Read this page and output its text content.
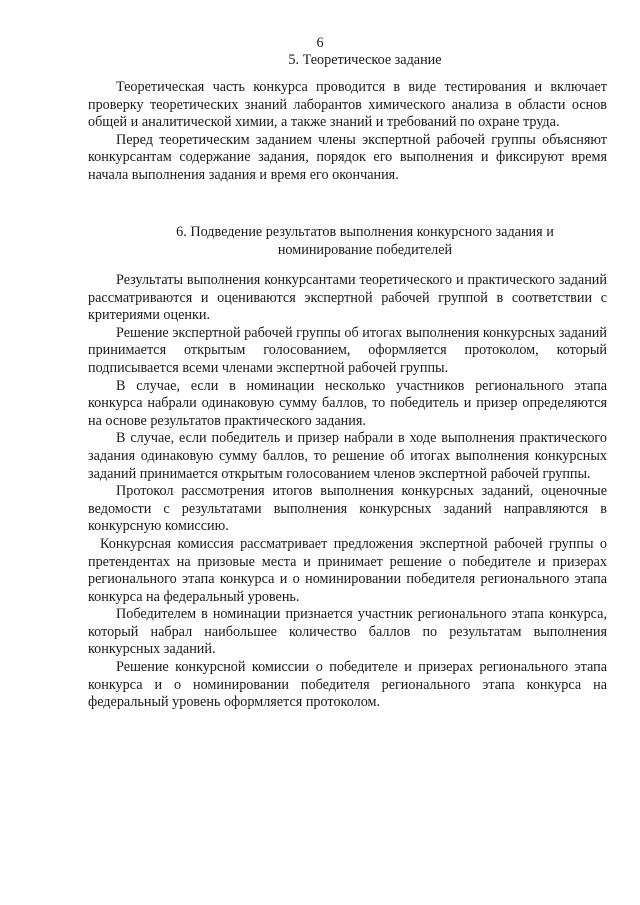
6
5. Теоретическое задание

Теоретическая часть конкурса проводится в виде тестирования и включает проверку теоретических знаний лаборантов химического анализа в области основ общей и аналитической химии, а также знаний и требований по охране труда.

Перед теоретическим заданием члены экспертной рабочей группы объясняют конкурсантам содержание задания, порядок его выполнения и фиксируют время начала выполнения задания и время его окончания.

6. Подведение результатов выполнения конкурсного задания и
номинирование победителей

Результаты выполнения конкурсантами теоретического и практического заданий рассматриваются и оцениваются экспертной рабочей группой в соответствии с критериями оценки.

Решение экспертной рабочей группы об итогах выполнения конкурсных заданий принимается открытым голосованием, оформляется протоколом, который подписывается всеми членами экспертной рабочей группы.

В случае, если в номинации несколько участников регионального этапа конкурса набрали одинаковую сумму баллов, то победитель и призер определяются на основе результатов практического задания.

В случае, если победитель и призер набрали в ходе выполнения практического задания одинаковую сумму баллов, то решение об итогах выполнения конкурсных заданий принимается открытым голосованием членов экспертной рабочей группы.

Протокол рассмотрения итогов выполнения конкурсных заданий, оценочные ведомости с результатами выполнения конкурсных заданий направляются в конкурсную комиссию.

Конкурсная комиссия рассматривает предложения экспертной рабочей группы о претендентах на призовые места и принимает решение о победителе и призерах регионального этапа конкурса и о номинировании победителя регионального этапа конкурса на федеральный уровень.

Победителем в номинации признается участник регионального этапа конкурса, который набрал наибольшее количество баллов по результатам выполнения конкурсных заданий.

Решение конкурсной комиссии о победителе и призерах регионального этапа конкурса и о номинировании победителя регионального этапа конкурса на федеральный уровень оформляется протоколом.
